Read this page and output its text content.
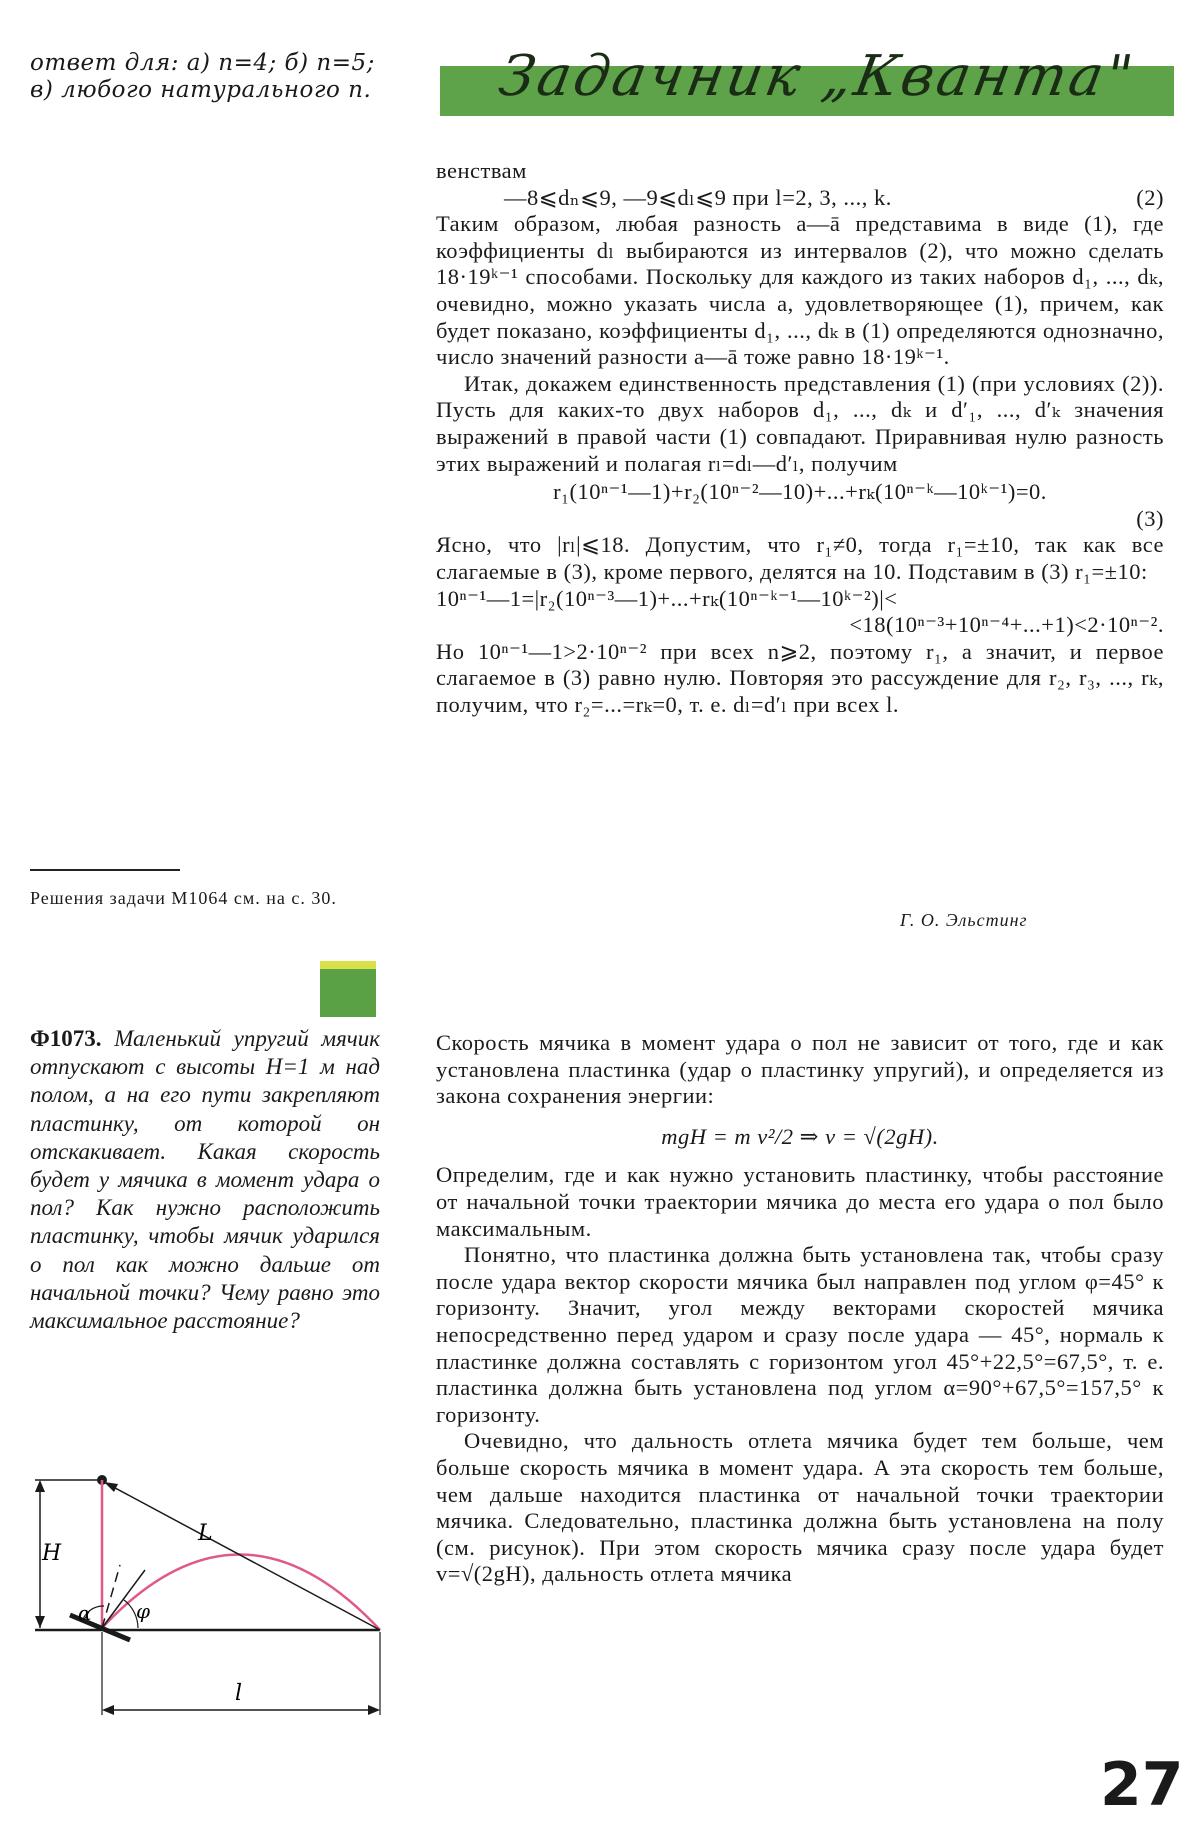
ответ для: а) n=4; б) n=5; в) любого натурального n.
Решения задачи М1064 см. на с. 30.
Ф1073. Маленький упругий мячик отпускают с высоты H=1 м над полом, а на его пути закрепляют пластинку, от которой он отскакивает. Какая скорость будет у мячика в момент удара о пол? Как нужно расположить пластинку, чтобы мячик ударился о пол как можно дальше от начальной точки? Чему равно это максимальное расстояние?
H
L
α φ
l
Задачник „Кванта"

венствам

—8⩽dₙ⩽9, —9⩽dₗ⩽9 при l=2, 3, ..., k.	(2)

Таким образом, любая разность a—ā представима в виде (1), где коэффициенты dₗ выбираются из интервалов (2), что можно сделать 18·19ᵏ⁻¹ способами. Поскольку для каждого из таких наборов d₁, ..., dₖ, очевидно, можно указать числа a, удовлетворяющее (1), причем, как будет показано, коэффициенты d₁, ..., dₖ в (1) определяются однозначно, число значений разности a—ā тоже равно 18·19ᵏ⁻¹.

Итак, докажем единственность представления (1) (при условиях (2)). Пусть для каких-то двух наборов d₁, ..., dₖ и d′₁, ..., d′ₖ значения выражений в правой части (1) совпадают. Приравнивая нулю разность этих выражений и полагая rₗ=dₗ—d′ₗ, получим

r₁(10ⁿ⁻¹—1)+r₂(10ⁿ⁻²—10)+...+rₖ(10ⁿ⁻ᵏ—10ᵏ⁻¹)=0.

(3)

Ясно, что |rₗ|⩽18. Допустим, что r₁≠0, тогда r₁=±10, так как все слагаемые в (3), кроме первого, делятся на 10. Подставим в (3) r₁=±10:

10ⁿ⁻¹—1=|r₂(10ⁿ⁻³—1)+...+rₖ(10ⁿ⁻ᵏ⁻¹—10ᵏ⁻²)|<

<18(10ⁿ⁻³+10ⁿ⁻⁴+...+1)<2·10ⁿ⁻².

Но 10ⁿ⁻¹—1>2·10ⁿ⁻² при всех n⩾2, поэтому r₁, а значит, и первое слагаемое в (3) равно нулю. Повторяя это рассуждение для r₂, r₃, ..., rₖ, получим, что r₂=...=rₖ=0, т. е. dₗ=d′ₗ при всех l.

Г. О. Эльстинг

Скорость мячика в момент удара о пол не зависит от того, где и как установлена пластинка (удар о пластинку упругий), и определяется из закона сохранения энергии:

mgH = m v²/2 ⇒ v = √(2gH).

Определим, где и как нужно установить пластинку, чтобы расстояние от начальной точки траектории мячика до места его удара о пол было максимальным.

Понятно, что пластинка должна быть установлена так, чтобы сразу после удара вектор скорости мячика был направлен под углом φ=45° к горизонту. Значит, угол между векторами скоростей мячика непосредственно перед ударом и сразу после удара — 45°, нормаль к пластинке должна составлять с горизонтом угол 45°+22,5°=67,5°, т. е. пластинка должна быть установлена под углом α=90°+67,5°=157,5° к горизонту.

Очевидно, что дальность отлета мячика будет тем больше, чем больше скорость мячика в момент удара. А эта скорость тем больше, чем дальше находится пластинка от начальной точки траектории мячика. Следовательно, пластинка должна быть установлена на полу (см. рисунок). При этом скорость мячика сразу после удара будет v=√(2gH), дальность отлета мячика

27
